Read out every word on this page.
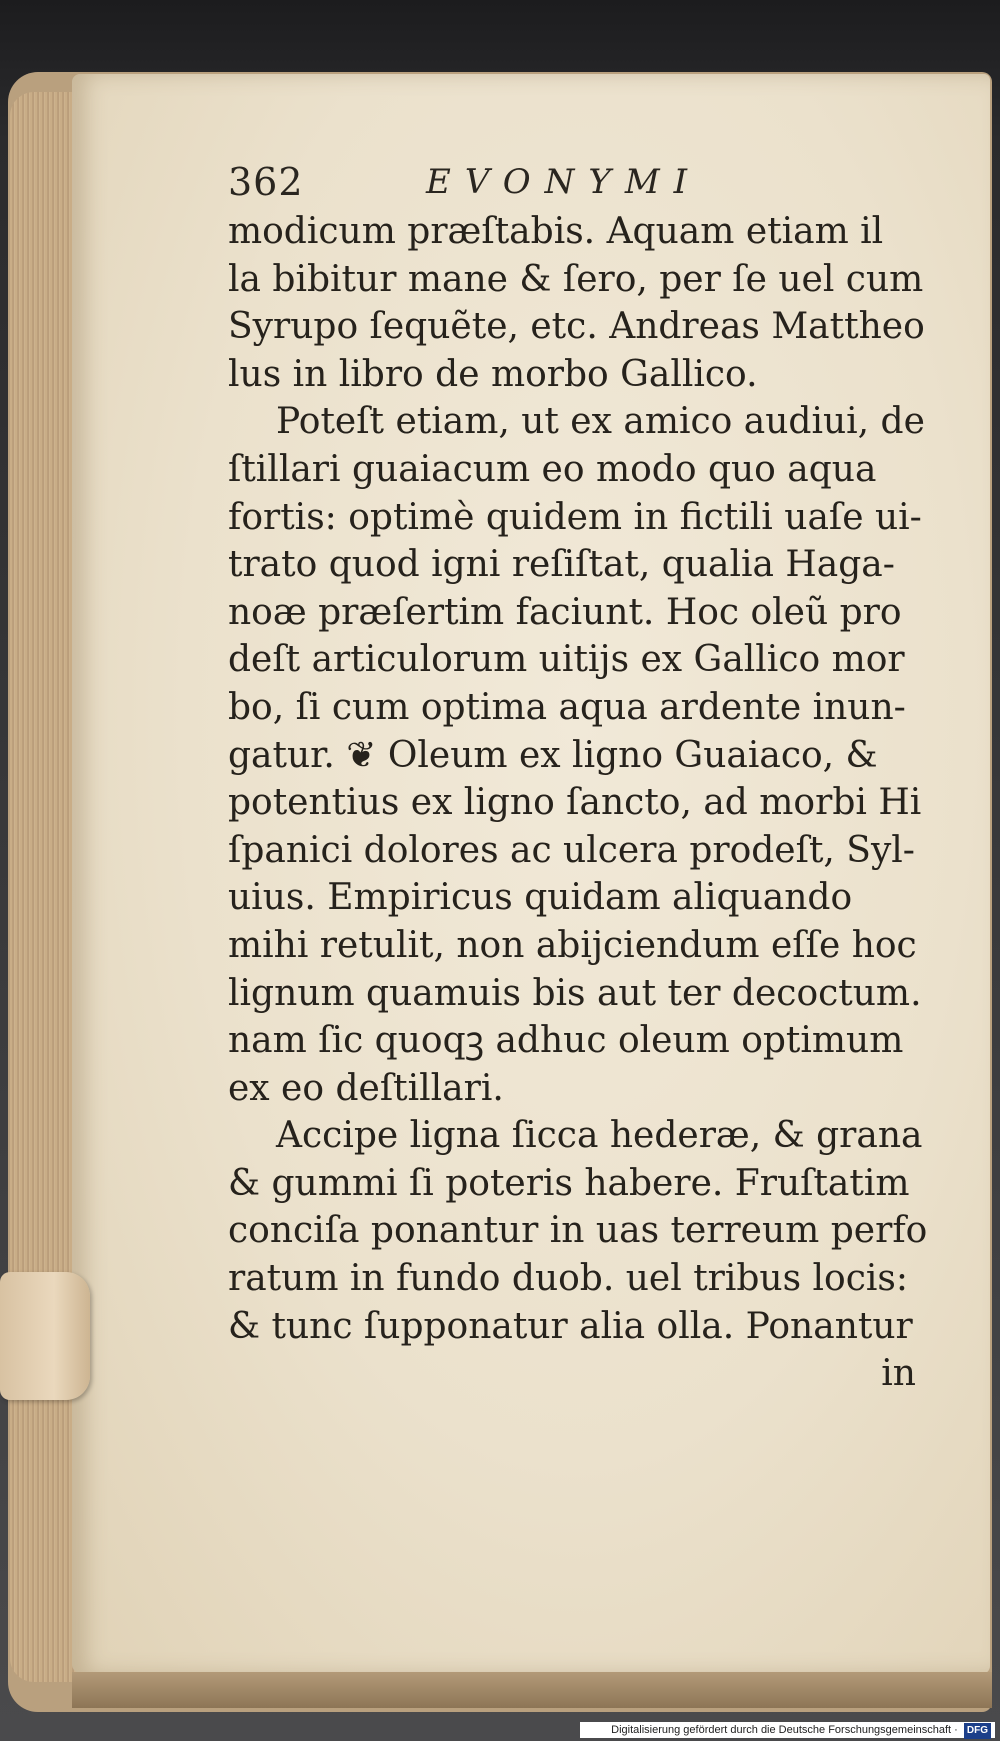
362	EVONYMI
modicum præſtabis. Aquam etiam il
la bibitur mane & ſero, per ſe uel cum
Syrupo ſequẽte, etc. Andreas Mattheo
lus in libro de morbo Gallico.
Poteſt etiam, ut ex amico audiui, de
ſtillari guaiacum eo modo quo aqua
fortis: optimè quidem in fictili uaſe ui-
trato quod igni reſiſtat, qualia Haga-
noæ præſertim faciunt. Hoc oleũ pro
deſt articulorum uitijs ex Gallico mor
bo, ſi cum optima aqua ardente inun-
gatur. ❦ Oleum ex ligno Guaiaco, &
potentius ex ligno ſancto, ad morbi Hi
ſpanici dolores ac ulcera prodeſt, Syl-
uius. Empiricus quidam aliquando
mihi retulit, non abijciendum eſſe hoc
lignum quamuis bis aut ter decoctum.
nam ſic quoqꝫ adhuc oleum optimum
ex eo deſtillari.
Accipe ligna ſicca hederæ, & grana
& gummi ſi poteris habere. Fruſtatim
conciſa ponantur in uas terreum perfo
ratum in fundo duob. uel tribus locis:
& tunc ſupponatur alia olla. Ponantur
in
Digitalisierung gefördert durch die Deutsche Forschungsgemeinschaft · DFG
